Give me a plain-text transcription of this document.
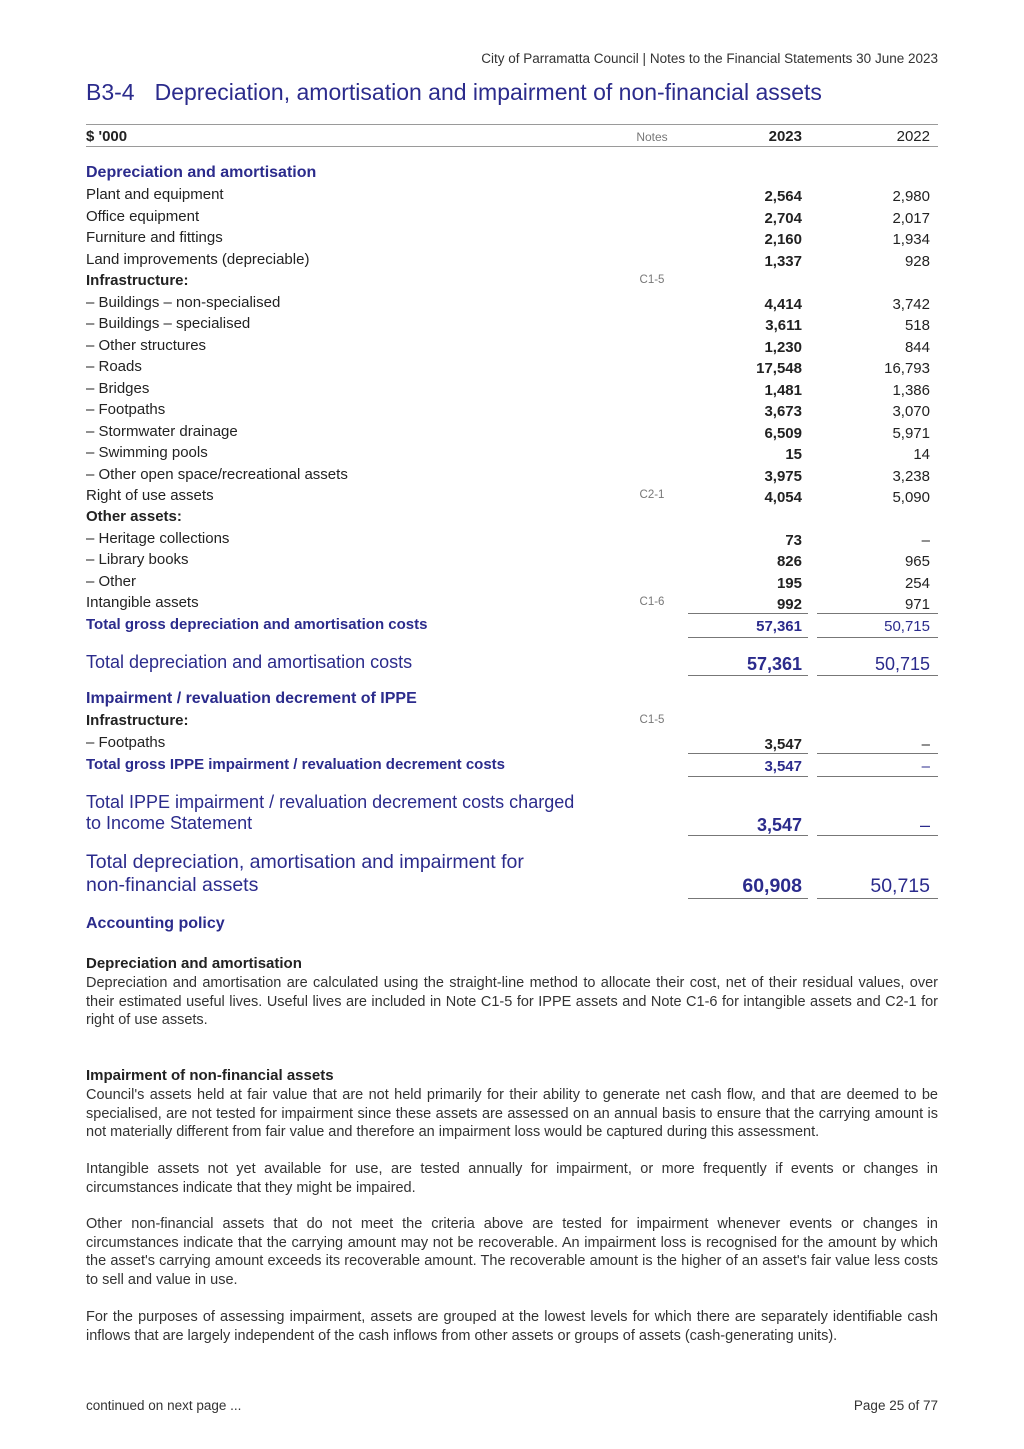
City of Parramatta Council | Notes to the Financial Statements 30 June 2023
B3-4 Depreciation, amortisation and impairment of non-financial assets
$ '000	Notes	2023	2022
Depreciation and amortisation
Plant and equipment	2,564	2,980
Office equipment	2,704	2,017
Furniture and fittings	2,160	1,934
Land improvements (depreciable)	1,337	928
Infrastructure:	C1-5
– Buildings – non-specialised	4,414	3,742
– Buildings – specialised	3,611	518
– Other structures	1,230	844
– Roads	17,548	16,793
– Bridges	1,481	1,386
– Footpaths	3,673	3,070
– Stormwater drainage	6,509	5,971
– Swimming pools	15	14
– Other open space/recreational assets	3,975	3,238
Right of use assets	C2-1	4,054	5,090
Other assets:
– Heritage collections	73	–
– Library books	826	965
– Other	195	254
Intangible assets	C1-6	992	971
Total gross depreciation and amortisation costs	57,361	50,715
Total depreciation and amortisation costs	57,361	50,715
Impairment / revaluation decrement of IPPE
Infrastructure:	C1-5
– Footpaths	3,547	–
Total gross IPPE impairment / revaluation decrement costs	3,547	–
Total IPPE impairment / revaluation decrement costs charged
to Income Statement	3,547	–
Total depreciation, amortisation and impairment for
non-financial assets	60,908	50,715
Accounting policy
Depreciation and amortisation
Depreciation and amortisation are calculated using the straight-line method to allocate their cost, net of their residual values, over their estimated useful lives. Useful lives are included in Note C1-5 for IPPE assets and Note C1-6 for intangible assets and C2-1 for right of use assets.
Impairment of non-financial assets
Council's assets held at fair value that are not held primarily for their ability to generate net cash flow, and that are deemed to be specialised, are not tested for impairment since these assets are assessed on an annual basis to ensure that the carrying amount is not materially different from fair value and therefore an impairment loss would be captured during this assessment.
Intangible assets not yet available for use, are tested annually for impairment, or more frequently if events or changes in circumstances indicate that they might be impaired.
Other non-financial assets that do not meet the criteria above are tested for impairment whenever events or changes in circumstances indicate that the carrying amount may not be recoverable. An impairment loss is recognised for the amount by which the asset's carrying amount exceeds its recoverable amount. The recoverable amount is the higher of an asset's fair value less costs to sell and value in use.
For the purposes of assessing impairment, assets are grouped at the lowest levels for which there are separately identifiable cash inflows that are largely independent of the cash inflows from other assets or groups of assets (cash-generating units).
continued on next page ...	Page 25 of 77
